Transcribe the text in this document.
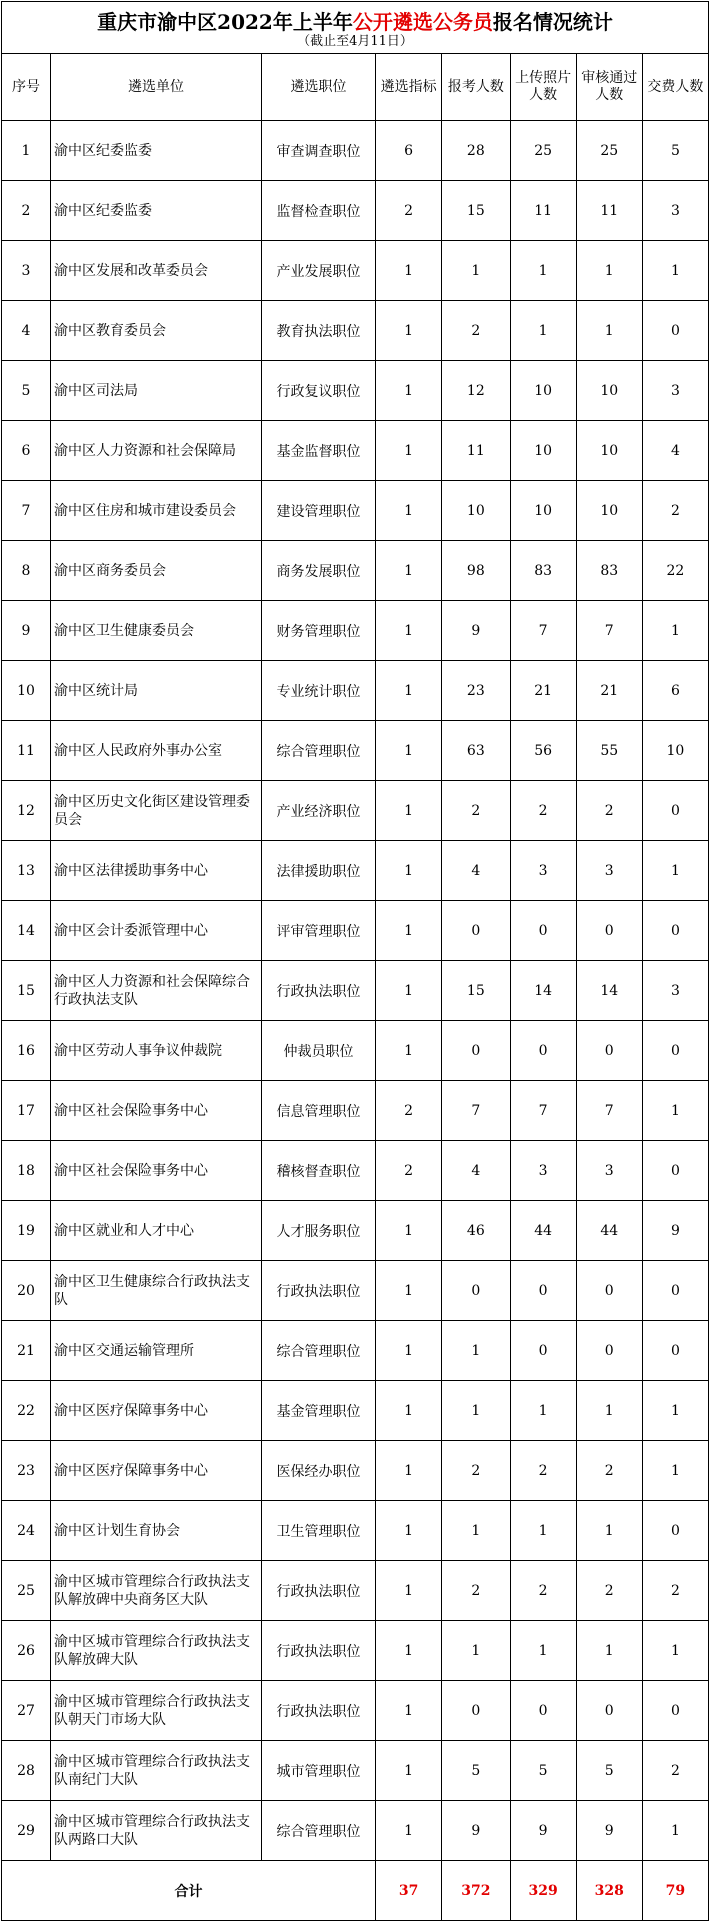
重庆市渝中区2022年上半年公开遴选公务员报名情况统计
（截止至4月11日）
序号	遴选单位	遴选职位	遴选指标	报考人数	上传照片人数	审核通过人数	交费人数
1	渝中区纪委监委	审查调查职位	6	28	25	25	5
2	渝中区纪委监委	监督检查职位	2	15	11	11	3
3	渝中区发展和改革委员会	产业发展职位	1	1	1	1	1
4	渝中区教育委员会	教育执法职位	1	2	1	1	0
5	渝中区司法局	行政复议职位	1	12	10	10	3
6	渝中区人力资源和社会保障局	基金监督职位	1	11	10	10	4
7	渝中区住房和城市建设委员会	建设管理职位	1	10	10	10	2
8	渝中区商务委员会	商务发展职位	1	98	83	83	22
9	渝中区卫生健康委员会	财务管理职位	1	9	7	7	1
10	渝中区统计局	专业统计职位	1	23	21	21	6
11	渝中区人民政府外事办公室	综合管理职位	1	63	56	55	10
12	渝中区历史文化街区建设管理委员会	产业经济职位	1	2	2	2	0
13	渝中区法律援助事务中心	法律援助职位	1	4	3	3	1
14	渝中区会计委派管理中心	评审管理职位	1	0	0	0	0
15	渝中区人力资源和社会保障综合行政执法支队	行政执法职位	1	15	14	14	3
16	渝中区劳动人事争议仲裁院	仲裁员职位	1	0	0	0	0
17	渝中区社会保险事务中心	信息管理职位	2	7	7	7	1
18	渝中区社会保险事务中心	稽核督查职位	2	4	3	3	0
19	渝中区就业和人才中心	人才服务职位	1	46	44	44	9
20	渝中区卫生健康综合行政执法支队	行政执法职位	1	0	0	0	0
21	渝中区交通运输管理所	综合管理职位	1	1	0	0	0
22	渝中区医疗保障事务中心	基金管理职位	1	1	1	1	1
23	渝中区医疗保障事务中心	医保经办职位	1	2	2	2	1
24	渝中区计划生育协会	卫生管理职位	1	1	1	1	0
25	渝中区城市管理综合行政执法支队解放碑中央商务区大队	行政执法职位	1	2	2	2	2
26	渝中区城市管理综合行政执法支队解放碑大队	行政执法职位	1	1	1	1	1
27	渝中区城市管理综合行政执法支队朝天门市场大队	行政执法职位	1	0	0	0	0
28	渝中区城市管理综合行政执法支队南纪门大队	城市管理职位	1	5	5	5	2
29	渝中区城市管理综合行政执法支队两路口大队	综合管理职位	1	9	9	9	1
合计			37	372	329	328	79
